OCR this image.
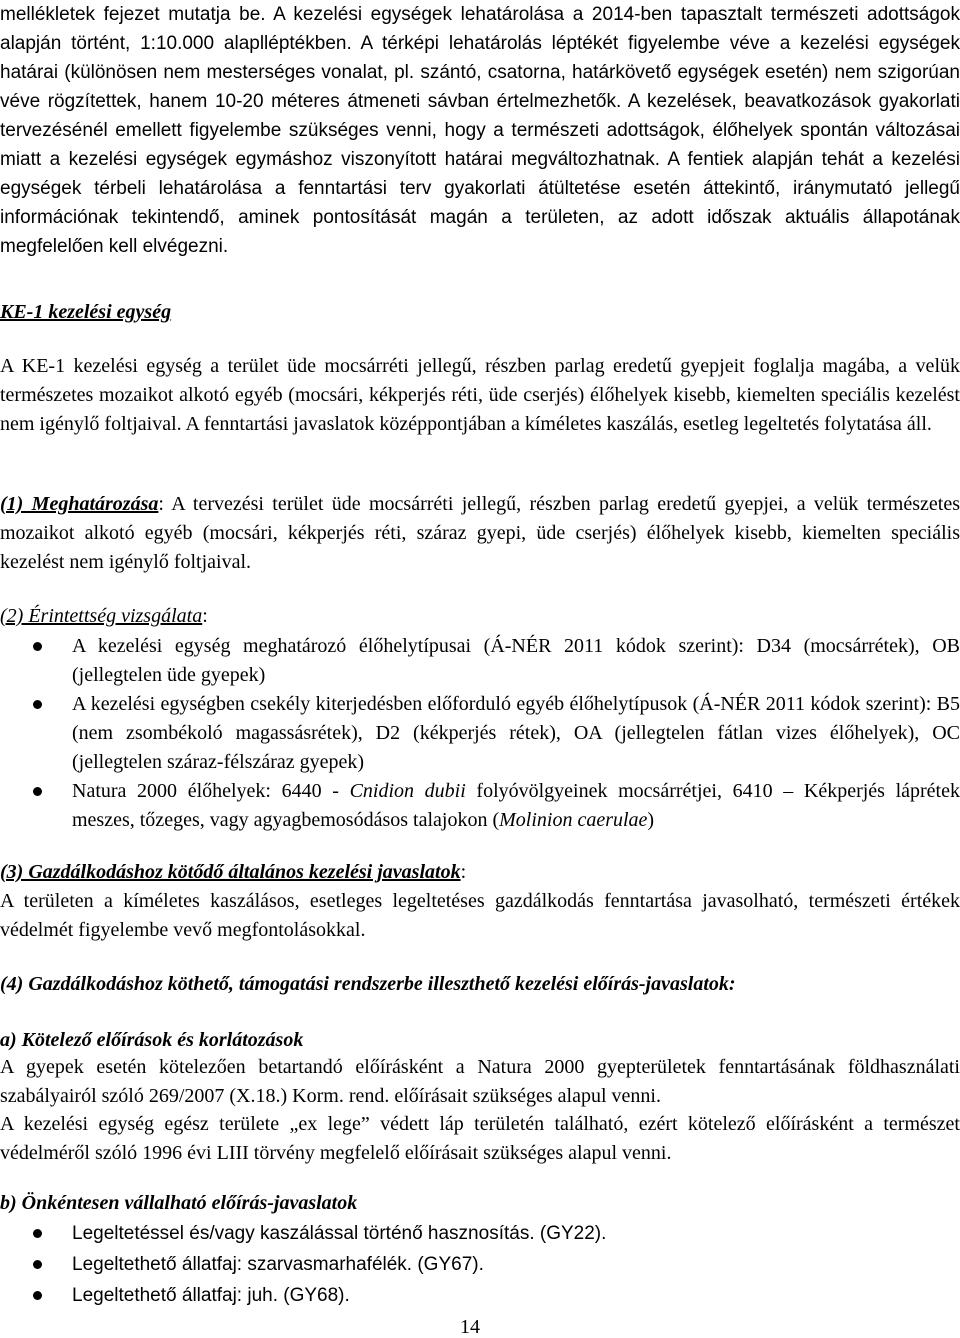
mellékletek fejezet mutatja be. A kezelési egységek lehatárolása a 2014-ben tapasztalt természeti adottságok alapján történt, 1:10.000 alaplléptékben. A térképi lehatárolás léptékét figyelembe véve a kezelési egységek határai (különösen nem mesterséges vonalat, pl. szántó, csatorna, határkövető egységek esetén) nem szigorúan véve rögzítettek, hanem 10-20 méteres átmeneti sávban értelmezhetők. A kezelések, beavatkozások gyakorlati tervezésénél emellett figyelembe szükséges venni, hogy a természeti adottságok, élőhelyek spontán változásai miatt a kezelési egységek egymáshoz viszonyított határai megváltozhatnak. A fentiek alapján tehát a kezelési egységek térbeli lehatárolása a fenntartási terv gyakorlati átültetése esetén áttekintő, iránymutató jellegű információnak tekintendő, aminek pontosítását magán a területen, az adott időszak aktuális állapotának megfelelően kell elvégezni.

KE-1 kezelési egység

A KE-1 kezelési egység a terület üde mocsárréti jellegű, részben parlag eredetű gyepjeit foglalja magába, a velük természetes mozaikot alkotó egyéb (mocsári, kékperjés réti, üde cserjés) élőhelyek kisebb, kiemelten speciális kezelést nem igénylő foltjaival. A fenntartási javaslatok középpontjában a kíméletes kaszálás, esetleg legeltetés folytatása áll.

(1) Meghatározása: A tervezési terület üde mocsárréti jellegű, részben parlag eredetű gyepjei, a velük természetes mozaikot alkotó egyéb (mocsári, kékperjés réti, száraz gyepi, üde cserjés) élőhelyek kisebb, kiemelten speciális kezelést nem igénylő foltjaival.

(2) Érintettség vizsgálata:

A kezelési egység meghatározó élőhelytípusai (Á-NÉR 2011 kódok szerint): D34 (mocsárrétek), OB (jellegtelen üde gyepek)
A kezelési egységben csekély kiterjedésben előforduló egyéb élőhelytípusok (Á-NÉR 2011 kódok szerint): B5 (nem zsombékoló magassásrétek), D2 (kékperjés rétek), OA (jellegtelen fátlan vizes élőhelyek), OC (jellegtelen száraz-félszáraz gyepek)
Natura 2000 élőhelyek: 6440 - Cnidion dubii folyóvölgyeinek mocsárrétjei, 6410 – Kékperjés láprétek meszes, tőzeges, vagy agyagbemosódásos talajokon (Molinion caerulae)

(3) Gazdálkodáshoz kötődő általános kezelési javaslatok:

A területen a kíméletes kaszálásos, esetleges legeltetéses gazdálkodás fenntartása javasolható, természeti értékek védelmét figyelembe vevő megfontolásokkal.

(4) Gazdálkodáshoz köthető, támogatási rendszerbe illeszthető kezelési előírás-javaslatok:

a) Kötelező előírások és korlátozások

A gyepek esetén kötelezően betartandó előírásként a Natura 2000 gyepterületek fenntartásának földhasználati szabályairól szóló 269/2007 (X.18.) Korm. rend. előírásait szükséges alapul venni.

A kezelési egység egész területe „ex lege” védett láp területén található, ezért kötelező előírásként a természet védelméről szóló 1996 évi LIII törvény megfelelő előírásait szükséges alapul venni.

b) Önkéntesen vállalható előírás-javaslatok

Legeltetéssel és/vagy kaszálással történő hasznosítás. (GY22).
Legeltethető állatfaj: szarvasmarhafélék. (GY67).
Legeltethető állatfaj: juh. (GY68).
14
